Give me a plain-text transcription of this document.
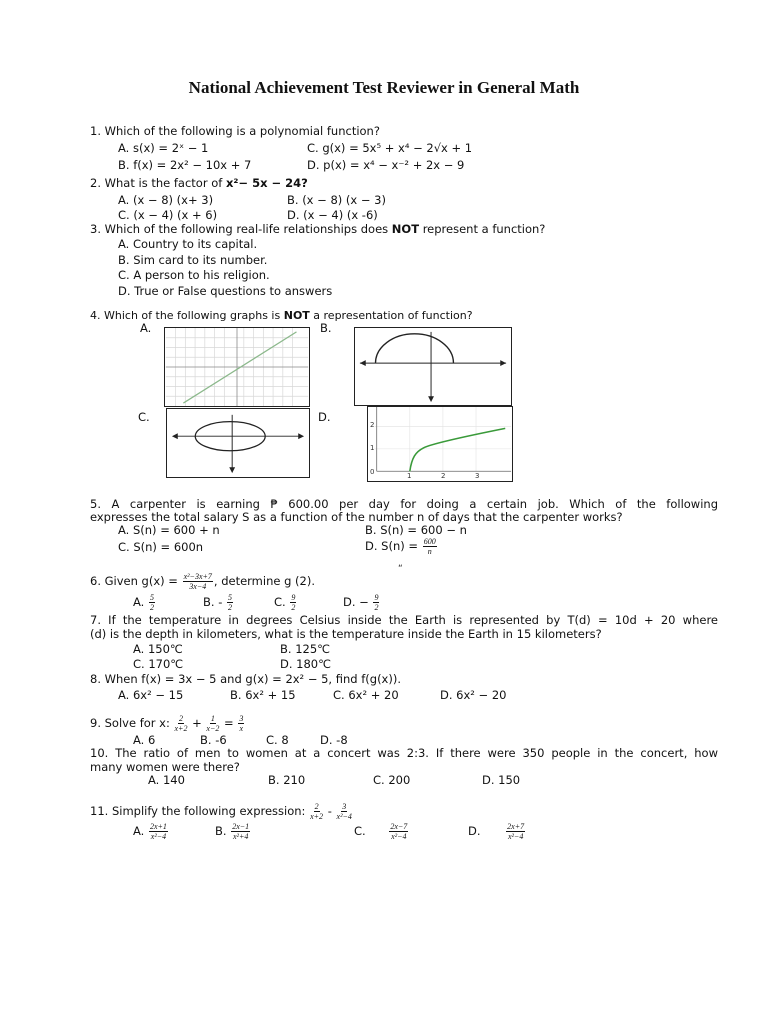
National Achievement Test Reviewer in General Math
1. Which of the following is a polynomial function?
A. s(x) = 2ˣ − 1	C. g(x) = 5x⁵ + x⁴ − 2√x + 1
B. f(x) = 2x² − 10x + 7	D. p(x) = x⁴ − x⁻² + 2x − 9
2. What is the factor of x²− 5x − 24?
A. (x − 8) (x+ 3)	B. (x − 8) (x − 3)
C. (x − 4) (x + 6)	D. (x − 4) (x -6)
3. Which of the following real-life relationships does NOT represent a function?
A. Country to its capital.
B. Sim card to its number.
C. A person to his religion.
D. True or False questions to answers
4. Which of the following graphs is NOT a representation of function?
A.	B.
C.	D.
2
1
0	1	2	3
5. A carpenter is earning ₱ 600.00 per day for doing a certain job. Which of the following
expresses the total salary S as a function of the number n of days that the carpenter works?
A. S(n) = 600 + n	B. S(n) = 600 − n
C. S(n) = 600n	D. $S(n) = \frac{600}{n}$
“
6. Given $g(x) = \frac{\text{x²−3x+7}}{3x-4}$ , determine g (2).
A. $\frac{5}{2}$	B. - $\frac{5}{2}$	C. $\frac{9}{2}$	D. − $\frac{9}{2}$
7. If the temperature in degrees Celsius inside the Earth is represented by T(d) = 10d + 20 where
(d) is the depth in kilometers, what is the temperature inside the Earth in 15 kilometers?
A. 150℃	B. 125℃
C. 170℃	D. 180℃
8. When f(x) = 3x − 5 and g(x) = 2x² − 5, find f(g(x)).
A. 6x² − 15	B. 6x² + 15	C. 6x² + 20	D. 6x² − 20
9. Solve for x: $\frac{2}{x+2} + \frac{1}{x-2} = \frac{3}{x}$
A. 6	B. -6	C. 8	D. -8
10. The ratio of men to women at a concert was 2:3. If there were 350 people in the concert, how
many women were there?
A. 140	B. 210	C. 200	D. 150
11. Simplify the following expression: $\frac{2}{x+2} - \frac{3}{\text{x²−4}}$
A. $\frac{2x+1}{\text{x²−4}}$	B. $\frac{2x-1}{\text{x²+4}}$	C.	$\frac{2x-7}{\text{x²−4}}$	D.	$\frac{2x+7}{\text{x²−4}}$
